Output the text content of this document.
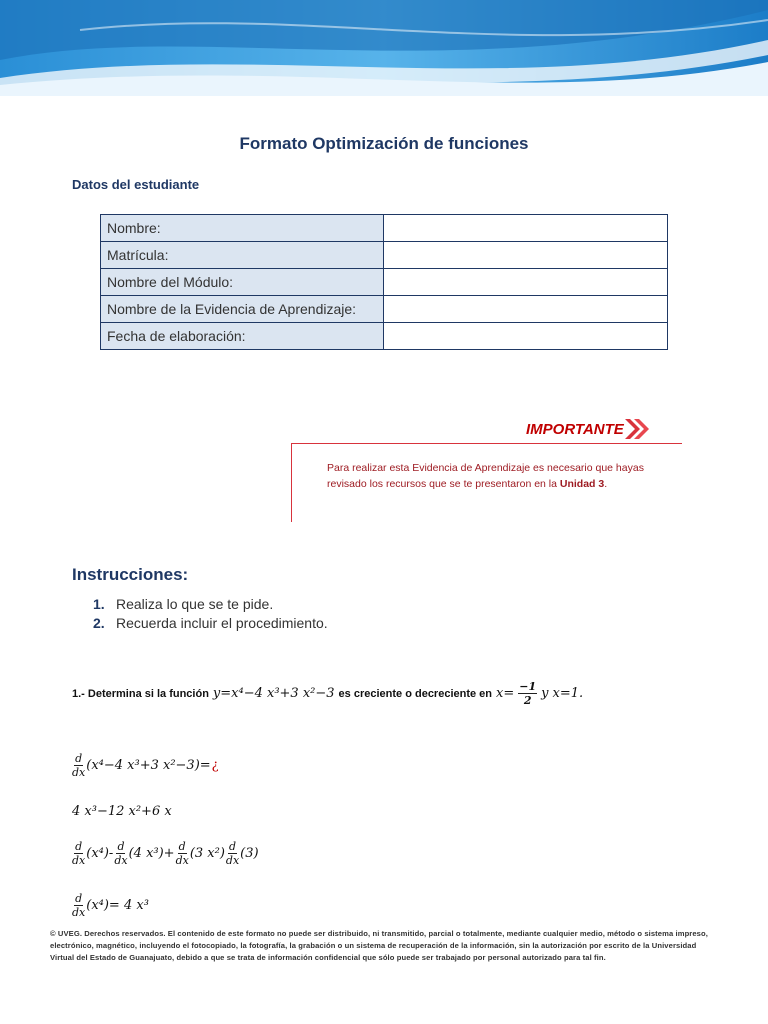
Formato Optimización de funciones
Datos del estudiante
Nombre:	
Matrícula:	
Nombre del Módulo:	
Nombre de la Evidencia de Aprendizaje:	
Fecha de elaboración:	
IMPORTANTE
Para realizar esta Evidencia de Aprendizaje es necesario que hayas revisado los recursos que se te presentaron en la Unidad 3.
Instrucciones:
1. Realiza lo que se te pide.
2. Recuerda incluir el procedimiento.
1.- Determina si la función y=x⁴−4 x³+3 x²−3 es creciente o decreciente en $x= \frac{-1}{2}$ y x=1.
$\frac{d}{dx} (x^4-4$ x³+3 x²−3)= ¿
4 x³−12 x²+6 x
$\frac{d}{dx} (x^4)- \frac{d}{dx} (4$ $x^3)+ \frac{d}{dx} (3$ $x^2) \frac{d}{dx} (3)$
$\frac{d}{dx} (x^4)= 4$ x³
© UVEG. Derechos reservados. El contenido de este formato no puede ser distribuido, ni transmitido, parcial o totalmente, mediante cualquier medio, método o sistema impreso, electrónico, magnético, incluyendo el fotocopiado, la fotografía, la grabación o un sistema de recuperación de la información, sin la autorización por escrito de la Universidad Virtual del Estado de Guanajuato, debido a que se trata de información confidencial que sólo puede ser trabajado por personal autorizado para tal fin.
